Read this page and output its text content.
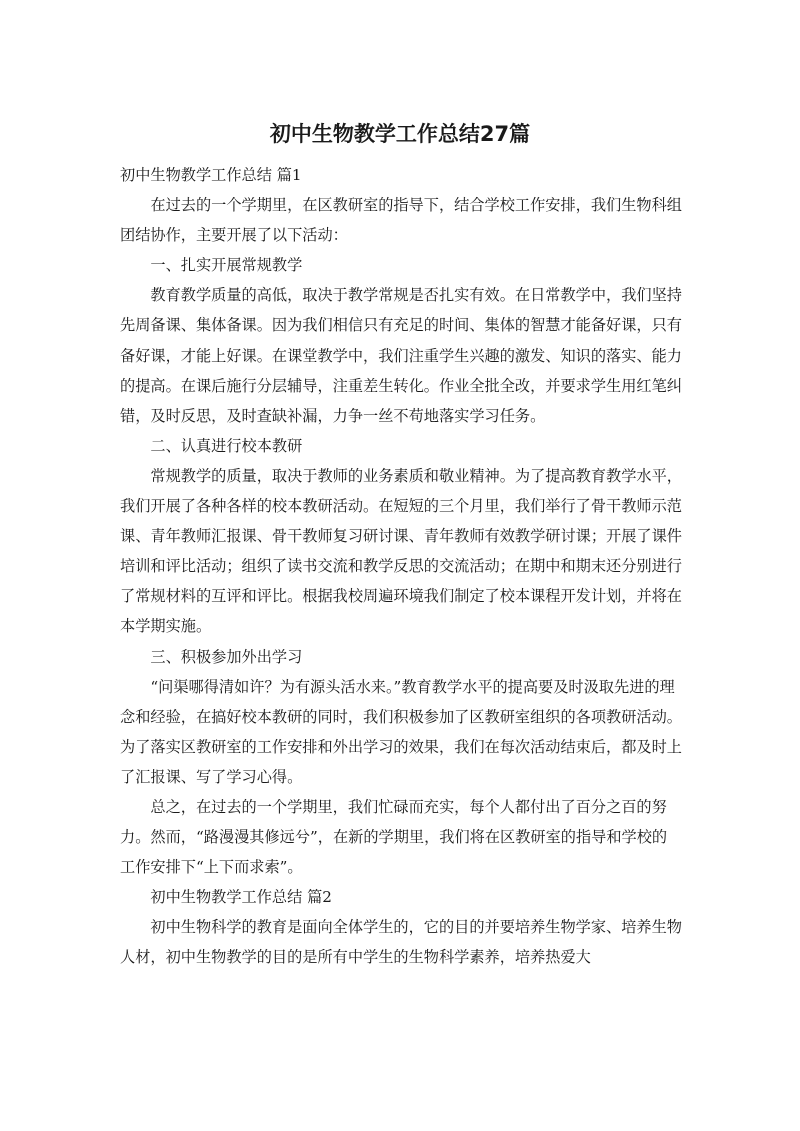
初中生物教学工作总结27篇

初中生物教学工作总结 篇1

在过去的一个学期里，在区教研室的指导下，结合学校工作安排，我们生物科组团结协作，主要开展了以下活动：

一、扎实开展常规教学

教育教学质量的高低，取决于教学常规是否扎实有效。在日常教学中，我们坚持先周备课、集体备课。因为我们相信只有充足的时间、集体的智慧才能备好课，只有备好课，才能上好课。在课堂教学中，我们注重学生兴趣的激发、知识的落实、能力的提高。在课后施行分层辅导，注重差生转化。作业全批全改，并要求学生用红笔纠错，及时反思，及时查缺补漏，力争一丝不苟地落实学习任务。

二、认真进行校本教研

常规教学的质量，取决于教师的业务素质和敬业精神。为了提高教育教学水平，我们开展了各种各样的校本教研活动。在短短的三个月里，我们举行了骨干教师示范课、青年教师汇报课、骨干教师复习研讨课、青年教师有效教学研讨课；开展了课件培训和评比活动；组织了读书交流和教学反思的交流活动；在期中和期末还分别进行了常规材料的互评和评比。根据我校周遍环境我们制定了校本课程开发计划，并将在本学期实施。

三、积极参加外出学习

“问渠哪得清如许？为有源头活水来。”教育教学水平的提高要及时汲取先进的理念和经验，在搞好校本教研的同时，我们积极参加了区教研室组织的各项教研活动。为了落实区教研室的工作安排和外出学习的效果，我们在每次活动结束后，都及时上了汇报课、写了学习心得。

总之，在过去的一个学期里，我们忙碌而充实，每个人都付出了百分之百的努力。然而，“路漫漫其修远兮”，在新的学期里，我们将在区教研室的指导和学校的工作安排下“上下而求索”。

初中生物教学工作总结 篇2

初中生物科学的教育是面向全体学生的，它的目的并要培养生物学家、培养生物人材，初中生物教学的目的是所有中学生的生物科学素养，培养热爱大
